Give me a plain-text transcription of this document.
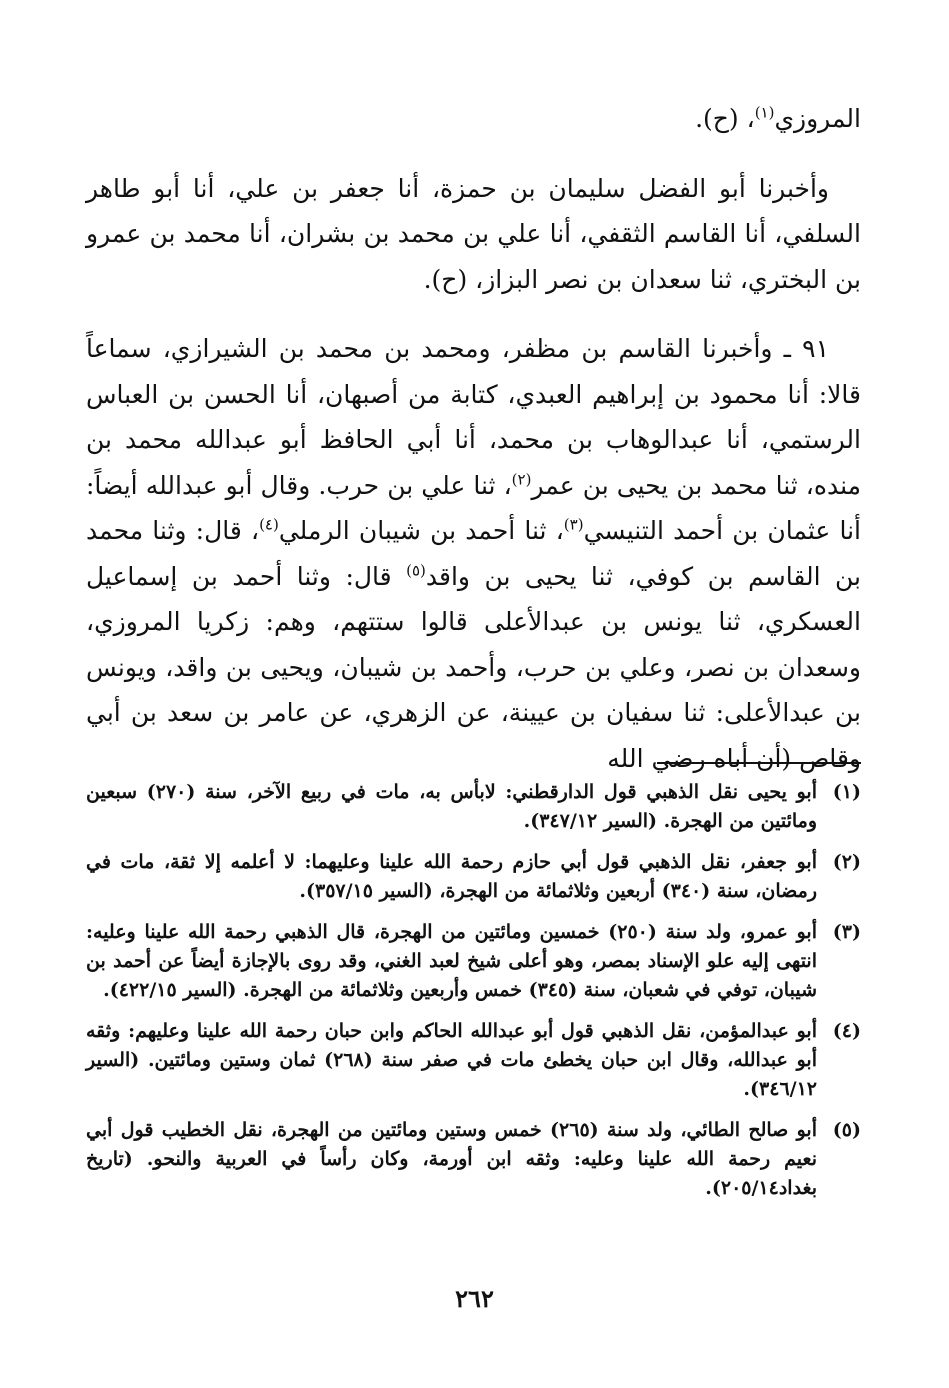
المروزي$^{(١)}$، (ح).

وأخبرنا أبو الفضل سليمان بن حمزة، أنا جعفر بن علي، أنا أبو طاهر السلفي، أنا القاسم الثقفي، أنا علي بن محمد بن بشران، أنا محمد بن عمرو بن البختري، ثنا سعدان بن نصر البزاز، (ح).

٩١ ـ وأخبرنا القاسم بن مظفر، ومحمد بن محمد بن الشيرازي، سماعاً قالا: أنا محمود بن إبراهيم العبدي، كتابة من أصبهان، أنا الحسن بن العباس الرستمي، أنا عبدالوهاب بن محمد، أنا أبي الحافظ أبو عبدالله محمد بن منده، ثنا محمد بن يحيى بن عمر$^{(٢)}$، ثنا علي بن حرب. وقال أبو عبدالله أيضاً: أنا عثمان بن أحمد التنيسي$^{(٣)}$، ثنا أحمد بن شيبان الرملي$^{(٤)}$، قال: وثنا محمد بن القاسم بن كوفي، ثنا يحيى بن واقد$^{(٥)}$ قال: وثنا أحمد بن إسماعيل العسكري، ثنا يونس بن عبدالأعلى قالوا ستتهم، وهم: زكريا المروزي، وسعدان بن نصر، وعلي بن حرب، وأحمد بن شيبان، ويحيى بن واقد، ويونس بن عبدالأعلى: ثنا سفيان بن عيينة، عن الزهري، عن عامر بن سعد بن أبي وقاص (أن أباه رضي الله

(١)
أبو يحيى نقل الذهبي قول الدارقطني: لابأس به، مات في ربيع الآخر، سنة (٢٧٠) سبعين ومائتين من الهجرة. (السير ٣٤٧/١٢).
(٢)
أبو جعفر، نقل الذهبي قول أبي حازم رحمة الله علينا وعليهما: لا أعلمه إلا ثقة، مات في رمضان، سنة (٣٤٠) أربعين وثلاثمائة من الهجرة، (السير ٣٥٧/١٥).
(٣)
أبو عمرو، ولد سنة (٢٥٠) خمسين ومائتين من الهجرة، قال الذهبي رحمة الله علينا وعليه: انتهى إليه علو الإسناد بمصر، وهو أعلى شيخ لعبد الغني، وقد روى بالإجازة أيضاً عن أحمد بن شيبان، توفي في شعبان، سنة (٣٤٥) خمس وأربعين وثلاثمائة من الهجرة. (السير ٤٢٢/١٥).
(٤)
أبو عبدالمؤمن، نقل الذهبي قول أبو عبدالله الحاكم وابن حبان رحمة الله علينا وعليهم: وثقه أبو عبدالله، وقال ابن حبان يخطئ مات في صفر سنة (٢٦٨) ثمان وستين ومائتين. (السير ٣٤٦/١٢).
(٥)
أبو صالح الطائي، ولد سنة (٢٦٥) خمس وستين ومائتين من الهجرة، نقل الخطيب قول أبي نعيم رحمة الله علينا وعليه: وثقه ابن أورمة، وكان رأساً في العربية والنحو. (تاريخ بغداد٢٠٥/١٤).
٢٦٢
